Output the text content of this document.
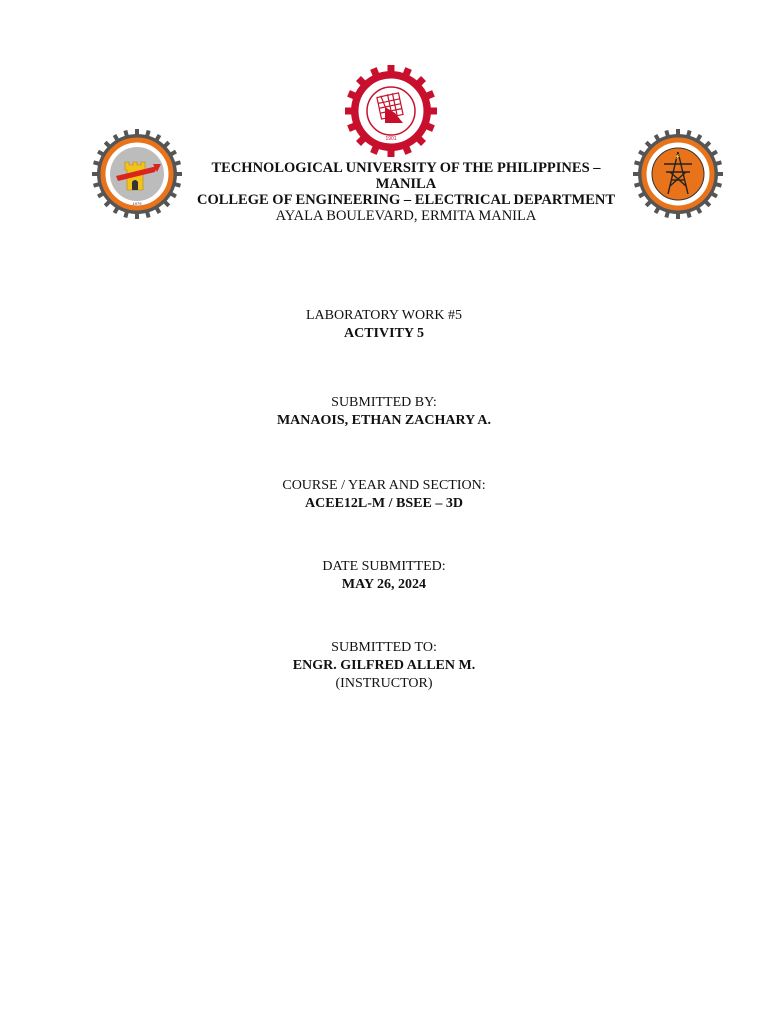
1901
1979
⚡
TECHNOLOGICAL UNIVERSITY OF THE PHILIPPINES – MANILA
COLLEGE OF ENGINEERING – ELECTRICAL DEPARTMENT
AYALA BOULEVARD, ERMITA MANILA
LABORATORY WORK #5
ACTIVITY 5
SUBMITTED BY:
MANAOIS, ETHAN ZACHARY A.
COURSE / YEAR AND SECTION:
ACEE12L-M / BSEE – 3D
DATE SUBMITTED:
MAY 26, 2024
SUBMITTED TO:
ENGR. GILFRED ALLEN M.
(INSTRUCTOR)
